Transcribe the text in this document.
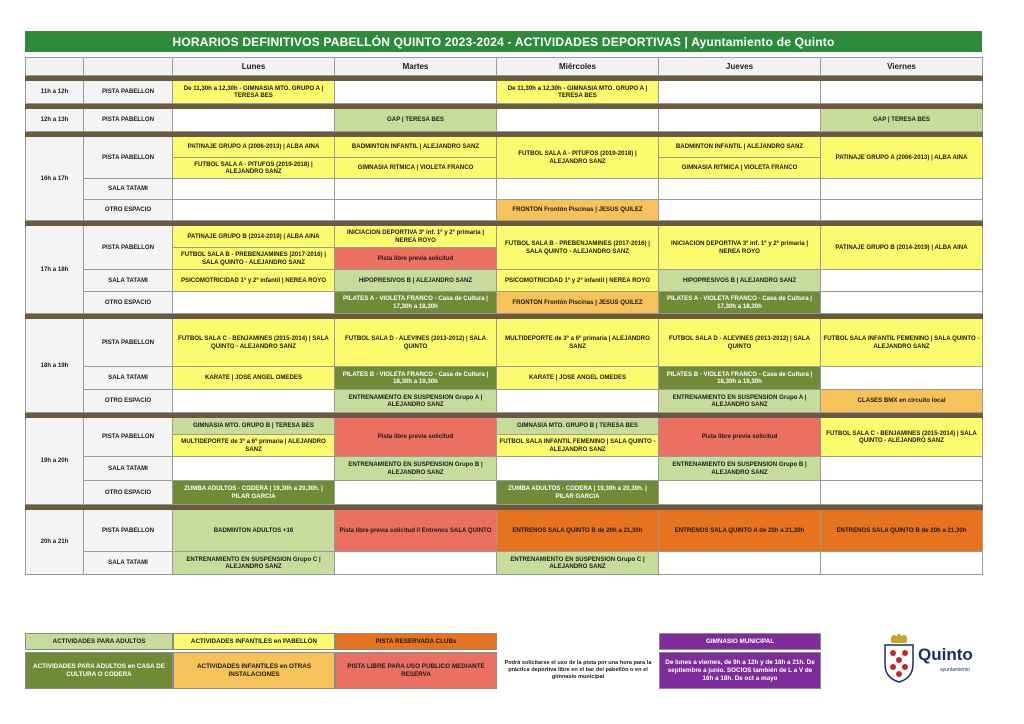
HORARIOS DEFINITIVOS PABELLÓN QUINTO 2023-2024 - ACTIVIDADES DEPORTIVAS | Ayuntamiento de Quinto
		Lunes	Martes	Miércoles	Jueves	Viernes

11h a 12h	PISTA PABELLON	De 11,30h a 12,30h - GIMNASIA MTO. GRUPO A | TERESA BES		De 11,30h a 12,30h - GIMNASIA MTO. GRUPO A | TERESA BES		

12h a 13h	PISTA PABELLON		GAP | TERESA BES			GAP | TERESA BES

16h a 17h	PISTA PABELLON	PATINAJE GRUPO A (2006-2013) | ALBA AINA	BADMINTON INFANTIL | ALEJANDRO SANZ	FUTBOL SALA A - PITUFOS (2019-2018) | ALEJANDRO SANZ	BADMINTON INFANTIL | ALEJANDRO SANZ	PATINAJE GRUPO A (2006-2013) | ALBA AINA
		FUTBOL SALA A - PITUFOS (2019-2018) | ALEJANDRO SANZ	GIMNASIA RITMICA | VIOLETA FRANCO		GIMNASIA RITMICA | VIOLETA FRANCO	
	SALA TATAMI					
	OTRO ESPACIO			FRONTON Frontón Piscinas | JESUS QUILEZ		

17h a 18h	PISTA PABELLON	PATINAJE GRUPO B (2014-2019) | ALBA AINA	INICIACION DEPORTIVA 3º inf. 1º y 2º primaria | NEREA ROYO	FUTBOL SALA B - PREBENJAMINES (2017-2016) | SALA QUINTO - ALEJANDRO SANZ	INICIACION DEPORTIVA 3º inf. 1º y 2º primaria | NEREA ROYO	PATINAJE GRUPO B (2014-2019) | ALBA AINA
		FUTBOL SALA B - PREBENJAMINES (2017-2016) | SALA QUINTO - ALEJANDRO SANZ	Pista libre previa solicitud			
	SALA TATAMI	PSICOMOTRICIDAD 1º y 2º infantil | NEREA ROYO	HIPOPRESIVOS B | ALEJANDRO SANZ	PSICOMOTRICIDAD 1º y 2º infantil | NEREA ROYO	HIPOPRESIVOS B | ALEJANDRO SANZ	
	OTRO ESPACIO		PILATES A - VIOLETA FRANCO - Casa de Cultura | 17,30h a 18,30h	FRONTON Frontón Piscinas | JESUS QUILEZ	PILATES A - VIOLETA FRANCO - Casa de Cultura | 17,30h a 18,30h	

18h a 19h	PISTA PABELLON	FUTBOL SALA C - BENJAMINES (2015-2014) | SALA QUINTO - ALEJANDRO SANZ	FUTBOL SALA D - ALEVINES (2013-2012) | SALA QUINTO	MULTIDEPORTE de 3º a 6º primaria | ALEJANDRO SANZ	FUTBOL SALA D - ALEVINES (2013-2012) | SALA QUINTO	FUTBOL SALA INFANTIL FEMENINO | SALA QUINTO - ALEJANDRO SANZ
	SALA TATAMI	KARATE | JOSE ANGEL OMEDES	PILATES B - VIOLETA FRANCO - Casa de Cultura | 18,30h a 19,30h	KARATE | JOSE ANGEL OMEDES	PILATES B - VIOLETA FRANCO - Casa de Cultura | 18,30h a 19,30h	
	OTRO ESPACIO		ENTRENAMIENTO EN SUSPENSION Grupo A | ALEJANDRO SANZ		ENTRENAMIENTO EN SUSPENSION Grupo A | ALEJANDRO SANZ	CLASES BMX en circuito local

19h a 20h	PISTA PABELLON	GIMNASIA MTO. GRUPO B | TERESA BES	Pista libre previa solicitud	GIMNASIA MTO. GRUPO B | TERESA BES	Pista libre previa solicitud	FUTBOL SALA C - BENJAMINES (2015-2014) | SALA QUINTO - ALEJANDRO SANZ
		MULTIDEPORTE de 3º a 6º primaria | ALEJANDRO SANZ		FUTBOL SALA INFANTIL FEMENINO | SALA QUINTO - ALEJANDRO SANZ		
	SALA TATAMI		ENTRENAMIENTO EN SUSPENSION Grupo B | ALEJANDRO SANZ		ENTRENAMIENTO EN SUSPENSION Grupo B | ALEJANDRO SANZ	
	OTRO ESPACIO	ZUMBA ADULTOS - CODERA | 19,30h a 20,30h. | PILAR GARCIA		ZUMBA ADULTOS - CODERA | 19,30h a 20,30h. | PILAR GARCIA		

20h a 21h	PISTA PABELLON	BADMINTON ADULTOS +16	Pista libre previa solicitud // Entrenos SALA QUINTO	ENTRENOS SALA QUINTO B de 20h a 21,30h	ENTRENOS SALA QUINTO A de 20h a 21,30h	ENTRENOS SALA QUINTO B de 20h a 21,30h
	SALA TATAMI	ENTRENAMIENTO EN SUSPENSION Grupo C | ALEJANDRO SANZ		ENTRENAMIENTO EN SUSPENSION Grupo C | ALEJANDRO SANZ		
ACTIVIDADES PARA ADULTOS
ACTIVIDADES PARA ADULTOS en CASA DE CULTURA O CODERA
ACTIVIDADES INFANTILES en PABELLÓN
ACTIVIDADES INFANTILES en OTRAS INSTALACIONES
PISTA RESERVADA CLUBs
PISTA LIBRE PARA USO PUBLICO MEDIANTE RESERVA
Podrá solicitarse el uso de la pista por una hora para la práctica deportiva libre en el bar del pabellón o en el gimnasio municipal
GIMNASIO MUNICIPAL
De lunes a viernes, de 9h a 12h y de 18h a 21h. De septiembre a junio. SOCIOS también de L a V de 16h a 18h. De oct a mayo
Quinto
ayuntamiento
